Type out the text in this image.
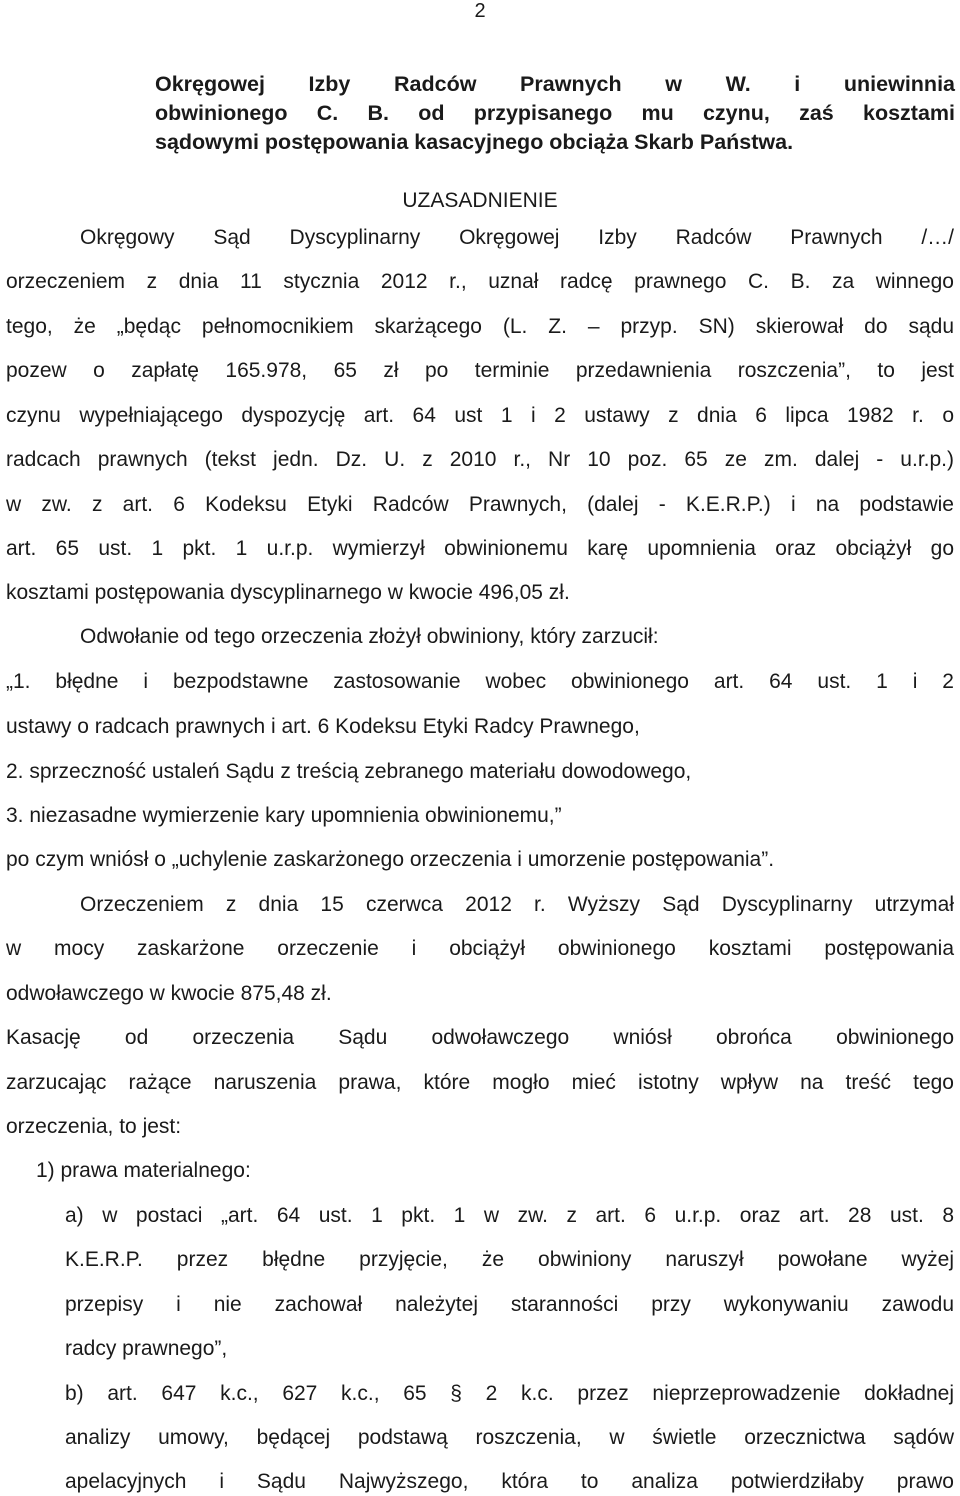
2
Okręgowej Izby Radców Prawnych w W. i uniewinnia
obwinionego C. B. od przypisanego mu czynu, zaś kosztami
sądowymi postępowania kasacyjnego obciąża Skarb Państwa.
UZASADNIENIE
Okręgowy Sąd Dyscyplinarny Okręgowej Izby Radców Prawnych /…/
orzeczeniem z dnia 11 stycznia 2012 r., uznał radcę prawnego C. B. za winnego
tego, że „będąc pełnomocnikiem skarżącego (L. Z. – przyp. SN) skierował do sądu
pozew o zapłatę 165.978, 65 zł po terminie przedawnienia roszczenia”, to jest
czynu wypełniającego dyspozycję art. 64 ust 1 i 2 ustawy z dnia 6 lipca 1982 r. o
radcach prawnych (tekst jedn. Dz. U. z 2010 r., Nr 10 poz. 65 ze zm. dalej - u.r.p.)
w zw. z art. 6 Kodeksu Etyki Radców Prawnych, (dalej - K.E.R.P.) i na podstawie
art. 65 ust. 1 pkt. 1 u.r.p. wymierzył obwinionemu karę upomnienia oraz obciążył go
kosztami postępowania dyscyplinarnego w kwocie 496,05 zł.
Odwołanie od tego orzeczenia złożył obwiniony, który zarzucił:
„1. błędne i bezpodstawne zastosowanie wobec obwinionego art. 64 ust. 1 i 2
ustawy o radcach prawnych i art. 6 Kodeksu Etyki Radcy Prawnego,
2. sprzeczność ustaleń Sądu z treścią zebranego materiału dowodowego,
3. niezasadne wymierzenie kary upomnienia obwinionemu,”
po czym wniósł o „uchylenie zaskarżonego orzeczenia i umorzenie postępowania”.
Orzeczeniem z dnia 15 czerwca 2012 r. Wyższy Sąd Dyscyplinarny utrzymał
w mocy zaskarżone orzeczenie i obciążył obwinionego kosztami postępowania
odwoławczego w kwocie 875,48 zł.
Kasację od orzeczenia Sądu odwoławczego wniósł obrońca obwinionego
zarzucając rażące naruszenia prawa, które mogło mieć istotny wpływ na treść tego
orzeczenia, to jest:
1) prawa materialnego:
a) w postaci „art. 64 ust. 1 pkt. 1 w zw. z art. 6 u.r.p. oraz art. 28 ust. 8
K.E.R.P. przez błędne przyjęcie, że obwiniony naruszył powołane wyżej
przepisy i nie zachował należytej staranności przy wykonywaniu zawodu
radcy prawnego”,
b) art. 647 k.c., 627 k.c., 65 § 2 k.c. przez nieprzeprowadzenie dokładnej
analizy umowy, będącej podstawą roszczenia, w świetle orzecznictwa sądów
apelacyjnych i Sądu Najwyższego, która to analiza potwierdziłaby prawo
